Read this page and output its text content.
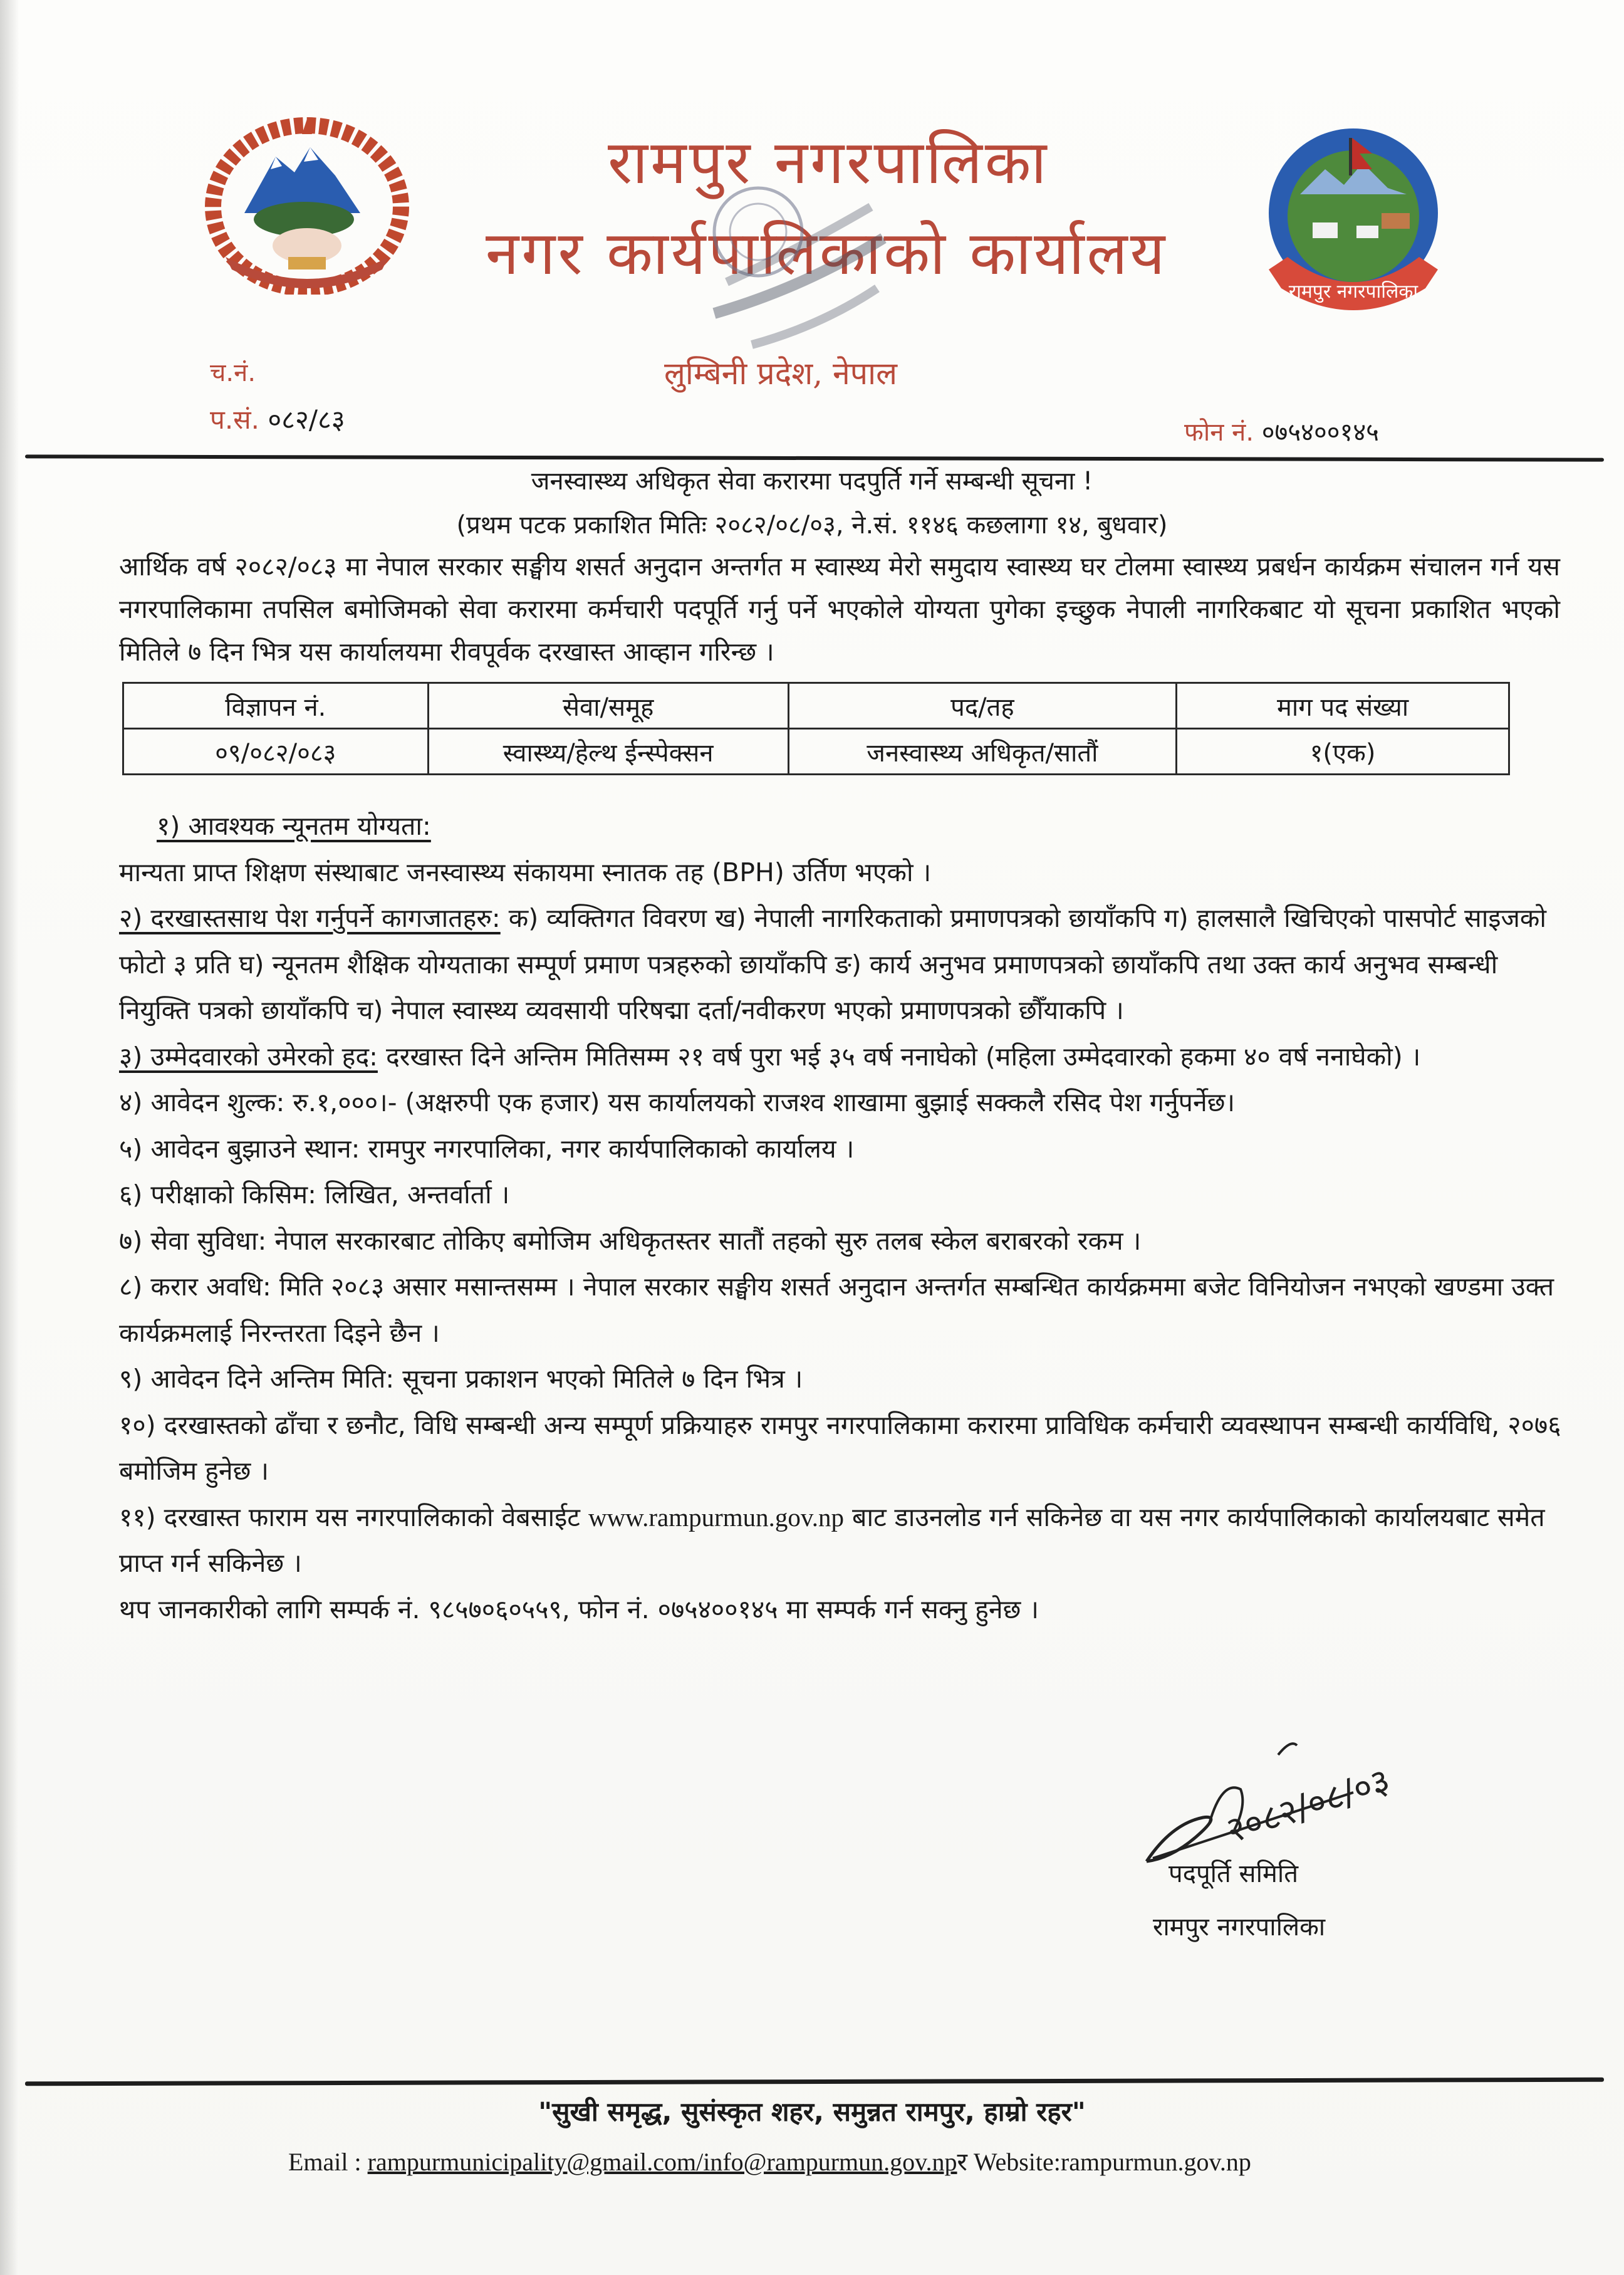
रामपुर नगरपालिका
नगर कार्यपालिकाको कार्यालय
लुम्बिनी प्रदेश, नेपाल
रामपुर नगरपालिका
च.नं.
प.सं. ०८२/८३	फोन नं. ०७५४००१४५
जनस्वास्थ्य अधिकृत सेवा करारमा पदपुर्ति गर्ने सम्बन्धी सूचना !
(प्रथम पटक प्रकाशित मितिः २०८२/०८/०३, ने.सं. ११४६ कछलागा १४, बुधवार)
आर्थिक वर्ष २०८२/०८३ मा नेपाल सरकार सङ्घीय शसर्त अनुदान अन्तर्गत म स्वास्थ्य मेरो समुदाय स्वास्थ्य घर टोलमा स्वास्थ्य प्रबर्धन कार्यक्रम संचालन गर्न यस नगरपालिकामा तपसिल बमोजिमको सेवा करारमा कर्मचारी पदपूर्ति गर्नु पर्ने भएकोले योग्यता पुगेका इच्छुक नेपाली नागरिकबाट यो सूचना प्रकाशित भएको मितिले ७ दिन भित्र यस कार्यालयमा रीवपूर्वक दरखास्त आव्हान गरिन्छ ।
विज्ञापन नं.	सेवा/समूह	पद/तह	माग पद संख्या
०९/०८२/०८३	स्वास्थ्य/हेल्थ ईन्स्पेक्सन	जनस्वास्थ्य अधिकृत/सातौं	१(एक)

१) आवश्यक न्यूनतम योग्यता:

मान्यता प्राप्त शिक्षण संस्थाबाट जनस्वास्थ्य संकायमा स्नातक तह (BPH) उर्तिण भएको ।

२) दरखास्तसाथ पेश गर्नुपर्ने कागजातहरु: क) व्यक्तिगत विवरण ख) नेपाली नागरिकताको प्रमाणपत्रको छायाँकपि ग) हालसालै खिचिएको पासपोर्ट साइजको फोटो ३ प्रति घ) न्यूनतम शैक्षिक योग्यताका सम्पूर्ण प्रमाण पत्रहरुको छायाँकपि ङ) कार्य अनुभव प्रमाणपत्रको छायाँकपि तथा उक्त कार्य अनुभव सम्बन्धी नियुक्ति पत्रको छायाँकपि च) नेपाल स्वास्थ्य व्यवसायी परिषद्मा दर्ता/नवीकरण भएको प्रमाणपत्रको छौँयाकपि ।

३) उम्मेदवारको उमेरको हद: दरखास्त दिने अन्तिम मितिसम्म २१ वर्ष पुरा भई ३५ वर्ष ननाघेको (महिला उम्मेदवारको हकमा ४० वर्ष ननाघेको) ।

४) आवेदन शुल्क: रु.१,०००।- (अक्षरुपी एक हजार) यस कार्यालयको राजश्व शाखामा बुझाई सक्कलै रसिद पेश गर्नुपर्नेछ।

५) आवेदन बुझाउने स्थान: रामपुर नगरपालिका, नगर कार्यपालिकाको कार्यालय ।

६) परीक्षाको किसिम: लिखित, अन्तर्वार्ता ।

७) सेवा सुविधा: नेपाल सरकारबाट तोकिए बमोजिम अधिकृतस्तर सातौं तहको सुरु तलब स्केल बराबरको रकम ।

८) करार अवधि: मिति २०८३ असार मसान्तसम्म । नेपाल सरकार सङ्घीय शसर्त अनुदान अन्तर्गत सम्बन्धित कार्यक्रममा बजेट विनियोजन नभएको खण्डमा उक्त कार्यक्रमलाई निरन्तरता दिइने छैन ।

९) आवेदन दिने अन्तिम मिति: सूचना प्रकाशन भएको मितिले ७ दिन भित्र ।

१०) दरखास्तको ढाँचा र छनौट, विधि सम्बन्धी अन्य सम्पूर्ण प्रक्रियाहरु रामपुर नगरपालिकामा करारमा प्राविधिक कर्मचारी व्यवस्थापन सम्बन्धी कार्यविधि, २०७६ बमोजिम हुनेछ ।

११) दरखास्त फाराम यस नगरपालिकाको वेबसाईट www.rampurmun.gov.np बाट डाउनलोड गर्न सकिनेछ वा यस नगर कार्यपालिकाको कार्यालयबाट समेत प्राप्त गर्न सकिनेछ ।

थप जानकारीको लागि सम्पर्क नं. ९८५७०६०५५९, फोन नं. ०७५४००१४५ मा सम्पर्क गर्न सक्नु हुनेछ ।

२०८२/०८/०३
पदपूर्ति समिति
रामपुर नगरपालिका
"सुखी समृद्ध, सुसंस्कृत शहर, समुन्नत रामपुर, हाम्रो रहर"
Email : rampurmunicipality@gmail.com/info@rampurmun.gov.npर Website:rampurmun.gov.np
